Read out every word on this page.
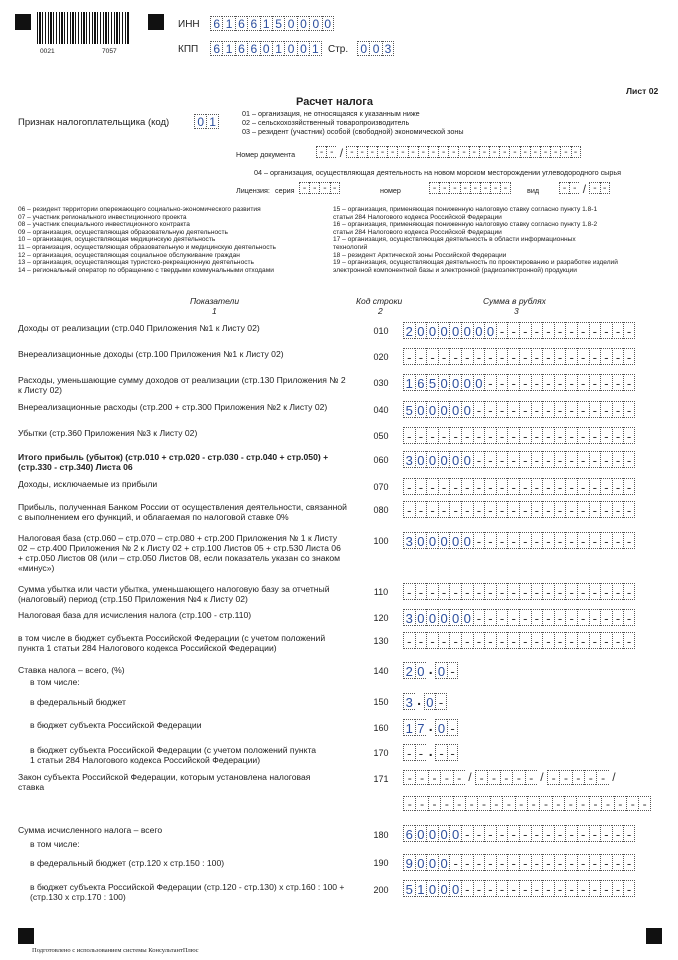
0021	7057
ИНН 6 1 6 6 1 5 0 0 0 0
КПП 6 1 6 6 0 1 0 0 1 Стр. 0 0 3
Лист 02
Расчет налога
Признак налогоплательщика (код) 0 1
01 – организация, не относящаяся к указанным ниже
02 – сельскохозяйственный товаропроизводитель
03 – резидент (участник) особой (свободной) экономической зоны
Номер документа	- - / - - - - - - - - - - - - - - - - - - - - - - -
04 – организация, осуществляющая деятельность на новом морском месторождении углеводородного сырья
Лицензия: серия - - - -	номер	- - - - - - - -	вид	- - / - -
06 – резидент территории опережающего социально-экономического развития
07 – участник регионального инвестиционного проекта
08 – участник специального инвестиционного контракта
09 – организация, осуществляющая образовательную деятельность
10 – организация, осуществляющая медицинскую деятельность
11 – организация, осуществляющая образовательную и медицинскую деятельность
12 – организация, осуществляющая социальное обслуживание граждан
13 – организация, осуществляющая туристско-рекреационную деятельность
14 – региональный оператор по обращению с твердыми коммунальными отходами
15 – организация, применяющая пониженную налоговую ставку согласно пункту 1.8-1
статьи 284 Налогового кодекса Российской Федерации
16 – организация, применяющая пониженную налоговую ставку согласно пункту 1.8-2
статьи 284 Налогового кодекса Российской Федерации
17 – организация, осуществляющая деятельность в области информационных
технологий
18 – резидент Арктической зоны Российской Федерации
19 – организация, осуществляющая деятельность по проектированию и разработке изделий
электронной компонентной базы и электронной (радиоэлектронной) продукции
Показатели	Код строки	Сумма в рублях
1	2	3
Доходы от реализации (стр.040 Приложения №1 к Листу 02)	010 2 0 0 0 0 0 0 0 - - - - - - - - - - - -
Внереализационные доходы (стр.100 Приложения №1 к Листу 02)	020	- - - - - - - - - - - - - - - - - - - -
Расходы, уменьшающие сумму доходов от реализации (стр.130 Приложения № 2 к Листу 02)
030 1 6 5 0 0 0 0 - - - - - - - - - - - - -
Внереализационные расходы (стр.200 + стр.300 Приложения №2 к Листу 02)	040 5 0 0 0 0 0 - - - - - - - - - - - - - -
Убытки (стр.360 Приложения №3 к Листу 02)	050	- - - - - - - - - - - - - - - - - - - -
Итого прибыль (убыток) (стр.010 + стр.020 - стр.030 - стр.040 + стр.050) + (стр.330 - стр.340) Листа 06
060 3 0 0 0 0 0 - - - - - - - - - - - - - -
Доходы, исключаемые из прибыли	070	- - - - - - - - - - - - - - - - - - - -
Прибыль, полученная Банком России от осуществления деятельности, связанной с выполнением его функций, и облагаемая по налоговой ставке 0%
080	- - - - - - - - - - - - - - - - - - - -
Налоговая база (стр.060 – стр.070 – стр.080 + стр.200 Приложения № 1 к Листу 02 – стр.400 Приложения № 2 к Листу 02 + стр.100 Листов 05 + стр.530 Листа 06 + стр.050 Листов 08 (или – стр.050 Листов 08, если показатель указан со знаком «минус»)
100 3 0 0 0 0 0 - - - - - - - - - - - - - -
Сумма убытка или части убытка, уменьшающего налоговую базу за отчетный (налоговый) период (стр.150 Приложения №4 к Листу 02)
110	- - - - - - - - - - - - - - - - - - - -
Налоговая база для исчисления налога (стр.100 - стр.110)	120 3 0 0 0 0 0 - - - - - - - - - - - - - -
в том числе в бюджет субъекта Российской Федерации (с учетом положений пункта 1 статьи 284 Налогового кодекса Российской Федерации)
130	- - - - - - - - - - - - - - - - - - - -
Ставка налога – всего, (%)	140 2 0 . 0 -
в том числе:
в федеральный бюджет	150 3 . 0 -
в бюджет субъекта Российской Федерации	160 1 7 . 0 -
в бюджет субъекта Российской Федерации (с учетом положений пункта 1 статьи 284 Налогового кодекса Российской Федерации)
170	- - . - -
Закон субъекта Российской Федерации, которым установлена налоговая ставка
171	- - - - - / - - - - - / - - - - - /
- - - - - - - - - - - - - - - - - - - -
Сумма исчисленного налога – всего	180 6 0 0 0 0 - - - - - - - - - - - - - - -
в том числе:
в федеральный бюджет (стр.120 х стр.150 : 100)	190 9 0 0 0 - - - - - - - - - - - - - - - -
в бюджет субъекта Российской Федерации (стр.120 - стр.130) х стр.160 : 100 + (стр.130 х стр.170 : 100)
200 5 1 0 0 0 - - - - - - - - - - - - - - -
Подготовлено с использованием системы КонсультантПлюс
